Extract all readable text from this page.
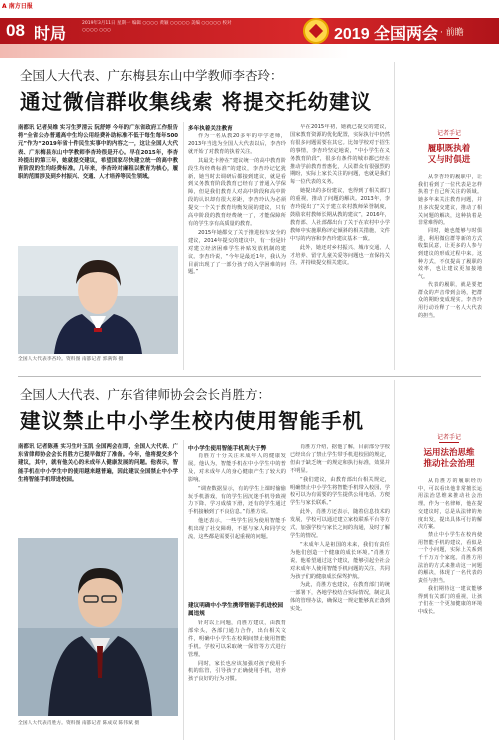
A 南方日报
08 时局
2019年3月11日 星期一 编辑 ○○○○ 黄颖 ○○○○○ 美编 ○○○○○ 校对 ○○○○ ○○○	2019 全国两会 · 前瞻
全国人大代表、广东梅县东山中学教师李杏玲：
通过微信群收集线索 将提交托幼建议
南都讯 记者吴维 实习生罗清云 阮舒婷 今年的广东省政府工作报告将“全省公办普通高中生均公用经费补助标准不低于每生每年500元”作为“2019年省十件民生实事中的内容之一，这让全国人大代表、广东梅县东山中学教师李杏玲很是开心。早在2015年，李杏玲提出的第三年，她就提交建议，希望国家尽快建立统一的高中教育阶段的生均经费标准。几年来，李杏玲对廉租以教育为核心，履职的范围涉及到乡村振兴、交通、人才培养等民生领域。
全国人大代表李杏玲。资料图 南都记者 郭满饰 摄
多年执着关注教育

作为一名从教20多年的中学老师，2013年当选为全国人大代表以后，李杏玲就开始了对教育的执着关注。

其最先卡脖在“建议统一的高中教育阶段生均经费标准”的建议，李杏玲记忆犹新，她当时去调研后都接到建议，就是看到义务教育阶段教育已经有了普通入学保障，但是我们教育人对高中阶段和高中阶段的认识却有很大差距，李杏玲认为必须提交一个关于教育均衡发展的建议，只有高中阶段的教育经费统一了，才能保障所有的学生享有高质量的教育。

2015年她都交了关于推进校车安全的建议，2014年提交的建议中，有一份是针对建立经济困难学生补贴发放机制的建议。李杏玲说，“今年是最近1年，我认为目前出现了了一部分孩子的入学困难的问题。”

早在2015年初，她就已提交的建议，国家教育资源的优化配置，实际执行中仍然有很多问题需要在其它。比如学校对于招生的事情，李杏玲坚定地说，“中小学生在义务教育阶段”，很多有条件的城市都已经在推动学前教育普惠化，人民群众有很强烈的期盼，实际上家长关注的问题，也就是我们每一位代表的义务。

她提出的多份建议，也得到了相关部门的重视，推动了问题的解决。2013年，李杏玲提出了“关于建立农村教师荣誉制度，鼓励农村教师长期从教的建议”，2016年，教育部、人社部都出台了关于在农村中小学教师中实施职称评定倾斜的相关措施，文件中写的内容和李杏玲建议基本一致。

此外，她还对乡村振兴、城市交通、人才培养、留守儿童关爱等问题也一直保持关注，并持续提交相关建议。

记者手记
履职既执着
又与时俱进

从李杏玲的履职中，让我们看到了一位代表是怎样执着于自己所关注的领域。她多年来关注教育问题，并且多次提交建议，推动了相关问题的解决，这种执着是非常难得的。

同时，她也能够与时俱进，利用微信群等新的方式收集民意，让更多的人参与到建议的形成过程中来。这种方式，不仅提高了履职的效率，也让建议更加接地气。

代表的履职，就是要把群众的声音带到会场，把群众的期盼变成现实。李杏玲用行动诠释了一名人大代表的担当。

全国人大代表、广东省律师协会会长肖胜方：
建议禁止中小学生校内使用智能手机
南都讯 记者陈燕 实习生叶玉凯 全国两会在即，全国人大代表、广东省律师协会会长肖胜方已提早做好了准备。今年，他将提交多个建议，其中，就有他关心的未成年人健康发展的问题。他表示，智能手机在中小学生中的使用越来越普遍，因此建议全国禁止中小学生将智能手机带进校园。
全国人大代表肖胜方。资料图 南都记者 陈成双 陈伟斌 摄
中小学生使用智能手机利大于弊

肖胜方十分关注未成年人的健康发展。他认为，智能手机在中小学生中的普及，对未成年人的身心健康产生了较大的影响。

“调查数据显示，有的学生上课时偷偷玩手机游戏，有的学生因沉迷手机导致视力下降、学习成绩下滑，还有的学生通过手机接触到了不良信息。”肖胜方说。

他还表示，一些学生因为使用智能手机出现了社交障碍，不愿与家人和同学交流，这些都是需要引起重视的问题。

建议明确中小学生携带智能手机进校园属违规

针对以上问题，肖胜方建议，由教育部牵头，各部门通力合作，出台相关文件，明确中小学生在校期间禁止使用智能手机。学校可以采取统一保管等方式进行管理。

同时，家长也应该加强对孩子使用手机的监管，引导孩子正确使用手机，培养孩子良好的行为习惯。

肖胜方介绍，据他了解，目前部分学校已经出台了禁止学生带手机进校园的规定，但由于缺乏统一的规定和执行标准，效果并不明显。

“我们建议，由教育部出台相关规定，明确禁止中小学生将智能手机带入校园，学校可以为有需要的学生提供公用电话，方便学生与家长联系。”

此外，肖胜方还表示，随着信息技术的发展，学校可以通过建立家校联系平台等方式，加强学校与家长之间的沟通，及时了解学生的情况。

“未成年人是祖国的未来，我们有责任为他们创造一个健康的成长环境。”肖胜方说，他希望通过这个建议，能够引起全社会对未成年人使用智能手机问题的关注，共同为孩子们的健康成长保驾护航。

为此，肖胜方也建议，在教育部门的统一部署下，各地学校结合实际情况，制定具体的管理办法，确保这一规定能够真正落到实处。

记者手记
运用法治思维
推动社会治理

从肖胜方的履职经历中，可以看出他非常擅长运用法治思维来推动社会治理。作为一名律师，他在提交建议时，总是从法律的角度出发，提出具体可行的解决方案。

禁止中小学生在校内使用智能手机的建议，看似是一个小问题，实际上关系到千千万万个家庭。肖胜方用法治的方式来推动这一问题的解决，体现了一名代表的责任与担当。

我们期待这一建议能够得到有关部门的重视，让孩子们在一个更加健康的环境中成长。
